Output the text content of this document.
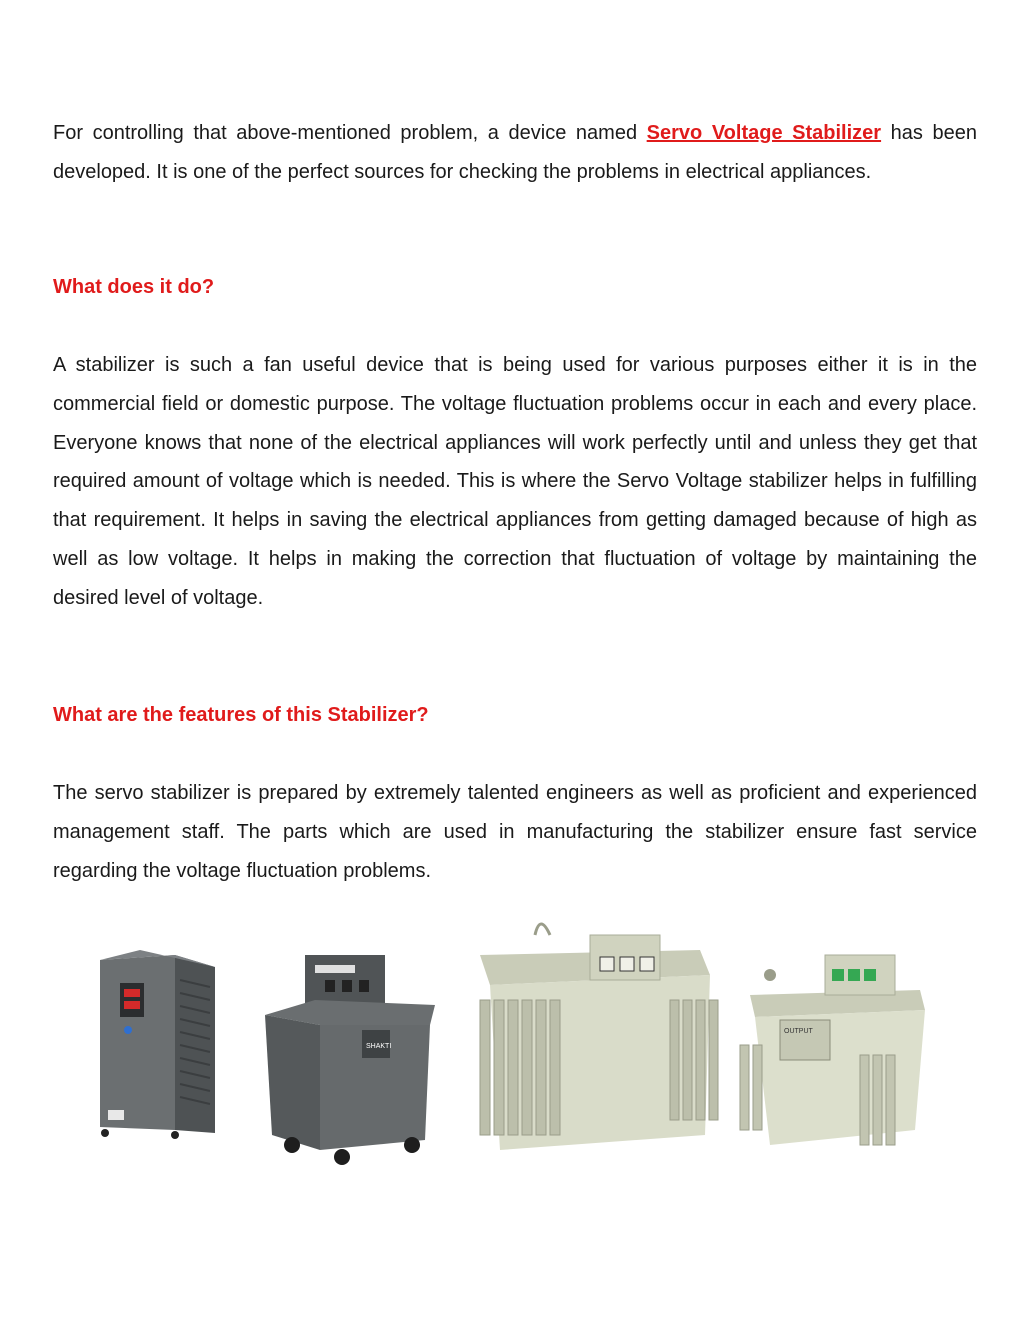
For controlling that above-mentioned problem, a device named Servo Voltage Stabilizer has been developed. It is one of the perfect sources for checking the problems in electrical appliances.

What does it do?

A stabilizer is such a fan useful device that is being used for various purposes either it is in the commercial field or domestic purpose. The voltage fluctuation problems occur in each and every place. Everyone knows that none of the electrical appliances will work perfectly until and unless they get that required amount of voltage which is needed. This is where the Servo Voltage stabilizer helps in fulfilling that requirement. It helps in saving the electrical appliances from getting damaged because of high as well as low voltage. It helps in making the correction that fluctuation of voltage by maintaining the desired level of voltage.

What are the features of this Stabilizer?

The servo stabilizer is prepared by extremely talented engineers as well as proficient and experienced management staff. The parts which are used in manufacturing the stabilizer ensure fast service regarding the voltage fluctuation problems.

SHAKTI
OUTPUT
